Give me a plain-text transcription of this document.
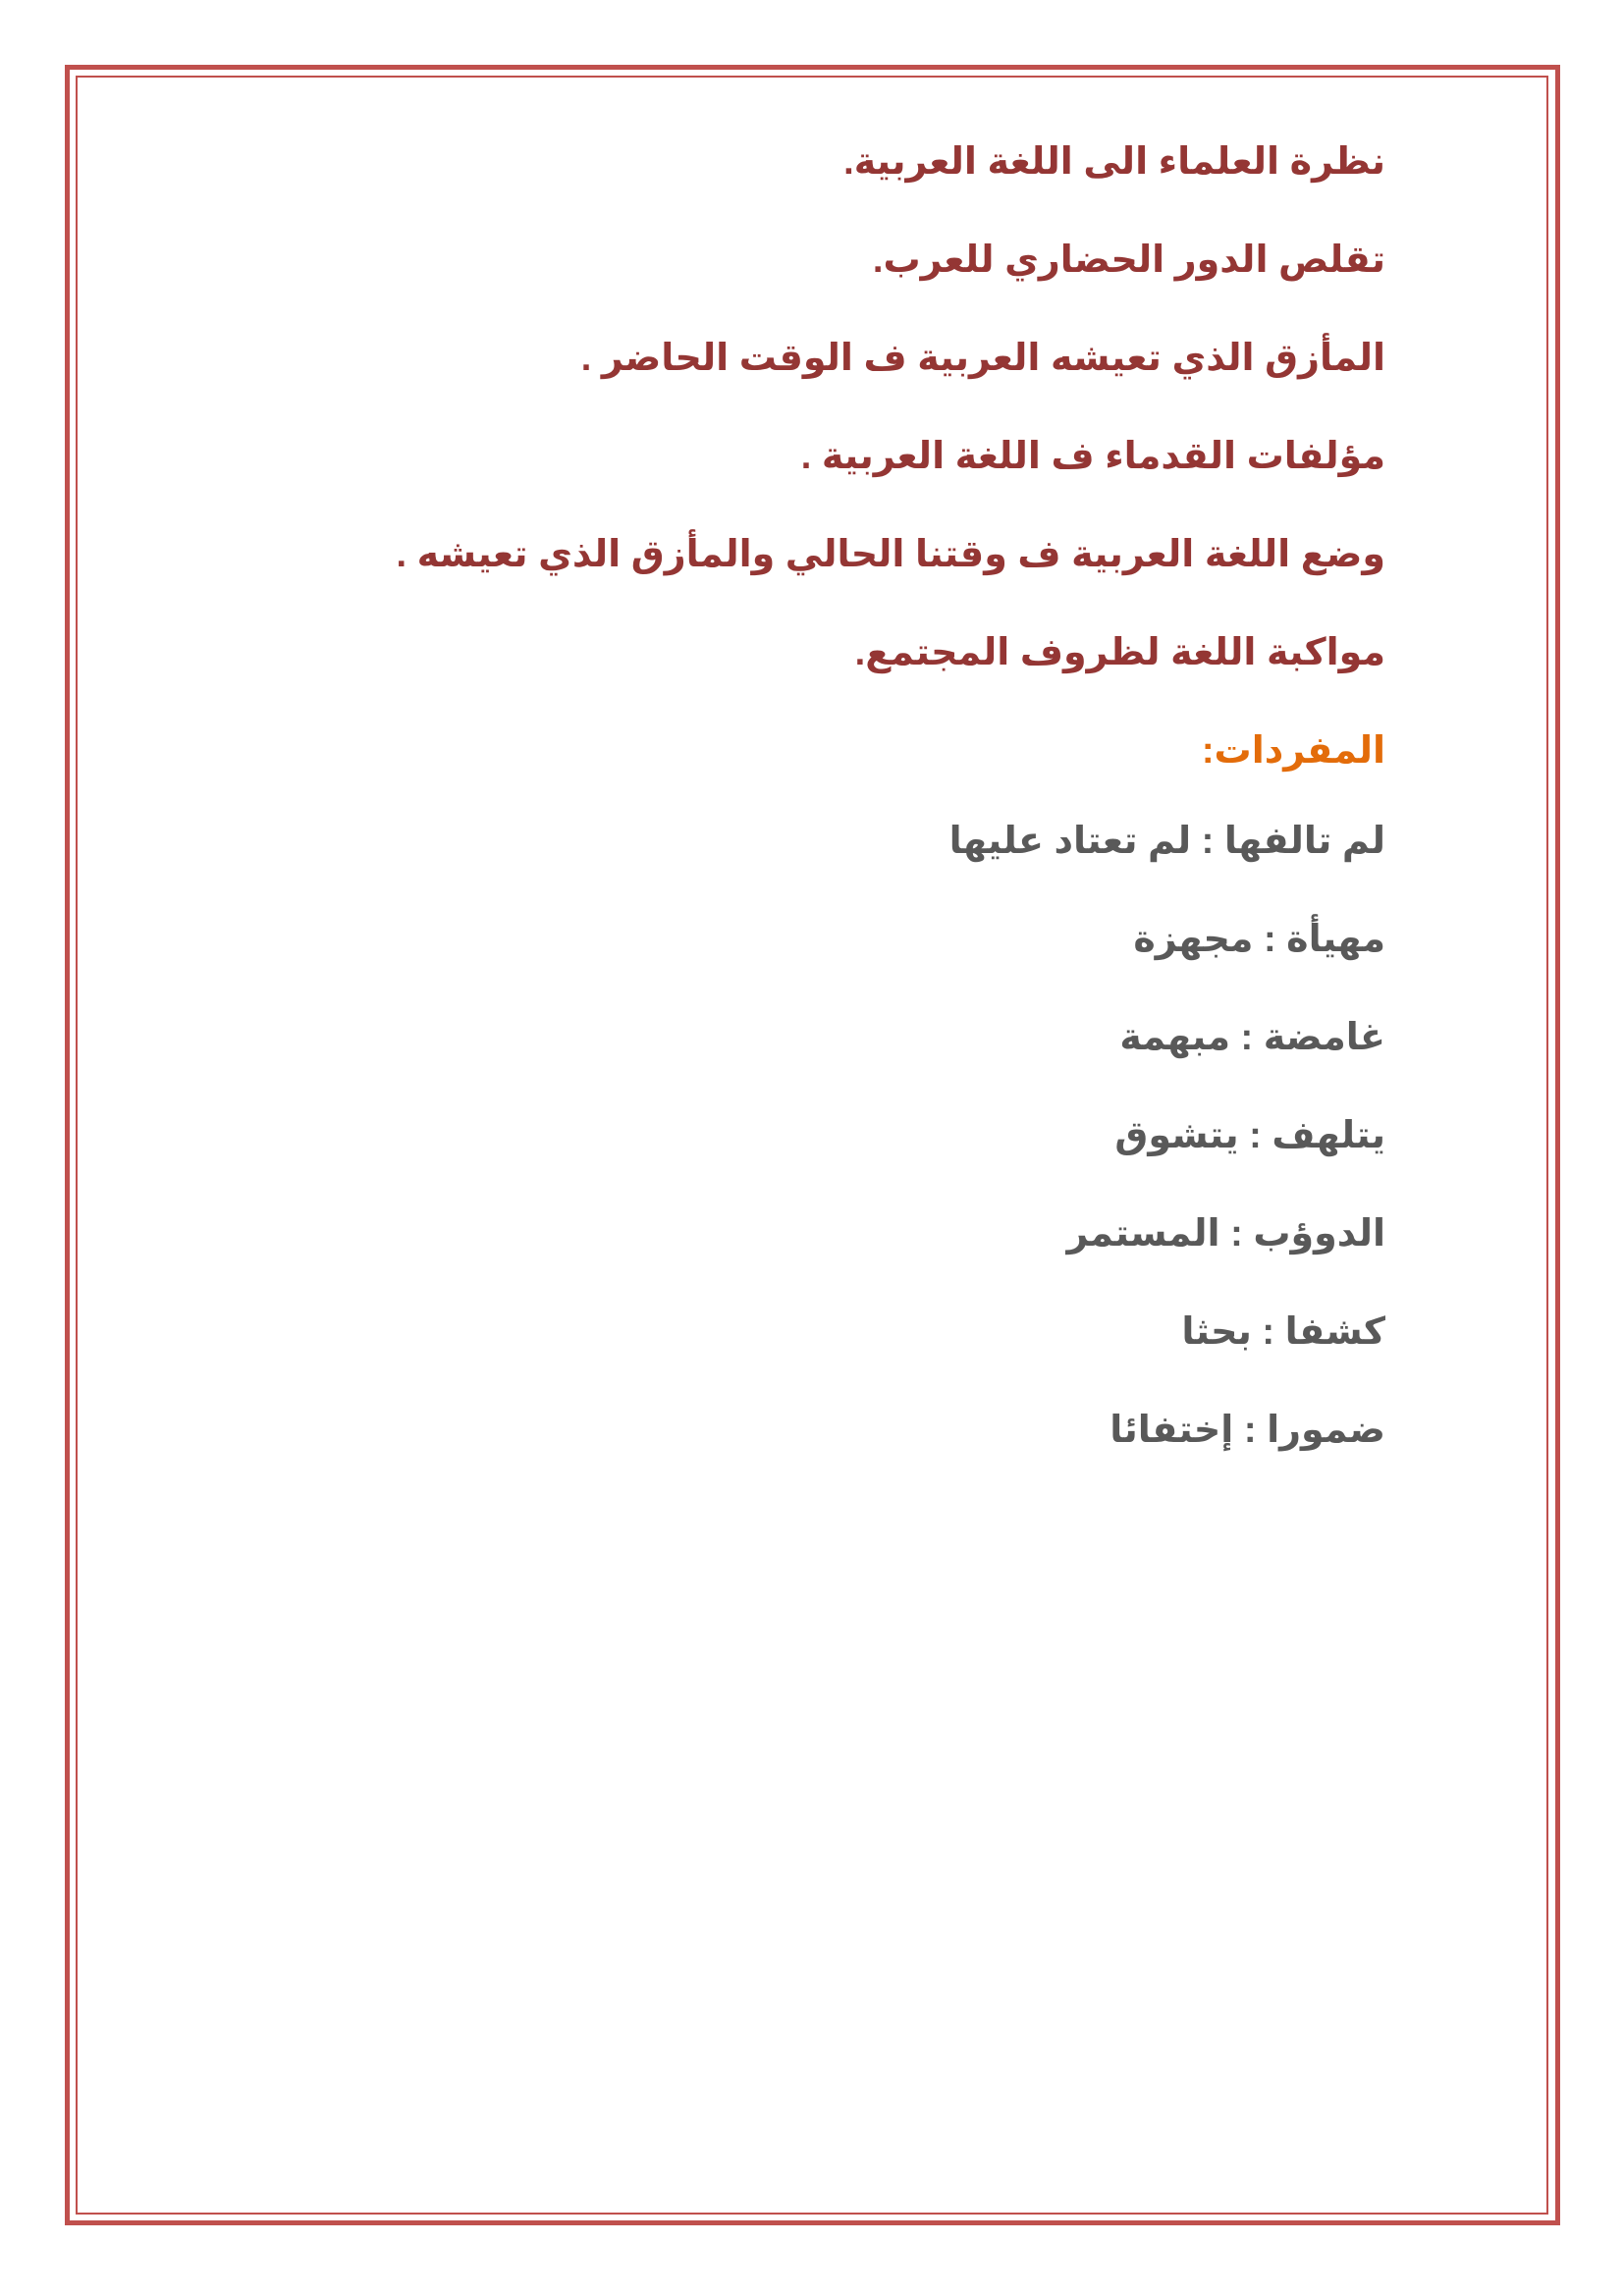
نظرة العلماء الى اللغة العربية.
تقلص الدور الحضاري للعرب.
المأزق الذي تعيشه العربية ف الوقت الحاضر .
مؤلفات القدماء ف اللغة العربية .
وضع اللغة العربية ف وقتنا الحالي والمأزق الذي تعيشه .
مواكبة اللغة لظروف المجتمع.
المفردات:
لم تالفها : لم تعتاد عليها
مهيأة : مجهزة
غامضة : مبهمة
يتلهف : يتشوق
الدوؤب : المستمر
كشفا : بحثا
ضمورا : إختفائا
